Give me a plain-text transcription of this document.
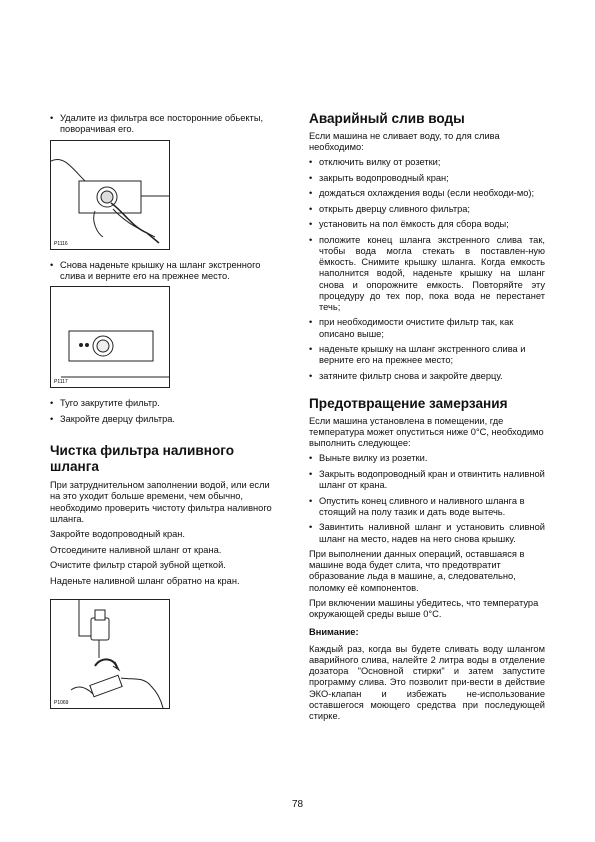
• Удалите из фильтра все посторонние обьекты, поворачивая его.
P1116
• Снова наденьте крышку на шланг экстренного слива и верните его на прежнее место.
P1117
• Туго закрутите фильтр.
• Закройте дверцу фильтра.
Чистка фильтра наливного шланга

При затруднительном заполнении водой, или если на это уходит больше времени, чем обычно, необходимо проверить чистоту фильтра наливного шланга.

Закройте водопроводный кран.

Отсоедините наливной шланг от крана.

Очистите фильтр старой зубной щеткой.

Наденьте наливной шланг обратно на кран.

P1069
Аварийный слив воды

Если машина не сливает воду, то для слива необходимо:

• отключить вилку от розетки;
• закрыть водопроводный кран;
• дождаться охлаждения воды (если необходи-мо);
• открыть дверцу сливного фильтра;
• установить на пол ёмкость для сбора воды;
• положите конец шланга экстренного слива так, чтобы вода могла стекать в поставлен-ную ёмкость. Снимите крышку шланга. Когда емкость наполнится водой, наденьте крышку на шланг снова и опорожните емкость. Повторяйте эту процедуру до тех пор, пока вода не перестанет течь;
• при необходимости очистите фильтр так, как описано выше;
• наденьте крышку на шланг экстренного слива и верните его на прежнее место;
• затяните фильтр снова и закройте дверцу.
Предотвращение замерзания

Если машина установлена в помещении, где температура может опуститься ниже 0°С, необходимо выполнить следующее:

• Выньте вилку из розетки.
• Закрыть водопроводный кран и отвинтить наливной шланг от крана.
• Опустить конец сливного и наливного шланга в стоящий на полу тазик и дать воде вытечь.
• Завинтить наливной шланг и установить сливной шланг на место, надев на него снова крышку.

При выполнении данных операций, оставшаяся в машине вода будет слита, что предотвратит образование льда в машине, а, следовательно, поломку её компонентов.

При включении машины убедитесь, что температура окружающей среды выше 0°С.

Внимание:

Каждый раз, когда вы будете сливать воду шлангом аварийного слива, налейте 2 литра воды в отделение дозатора "Основной стирки" и затем запустите программу слива. Это позволит при-вести в действие ЭКО-клапан и избежать не-использование оставшегося моющего средства при последующей стирке.

78
